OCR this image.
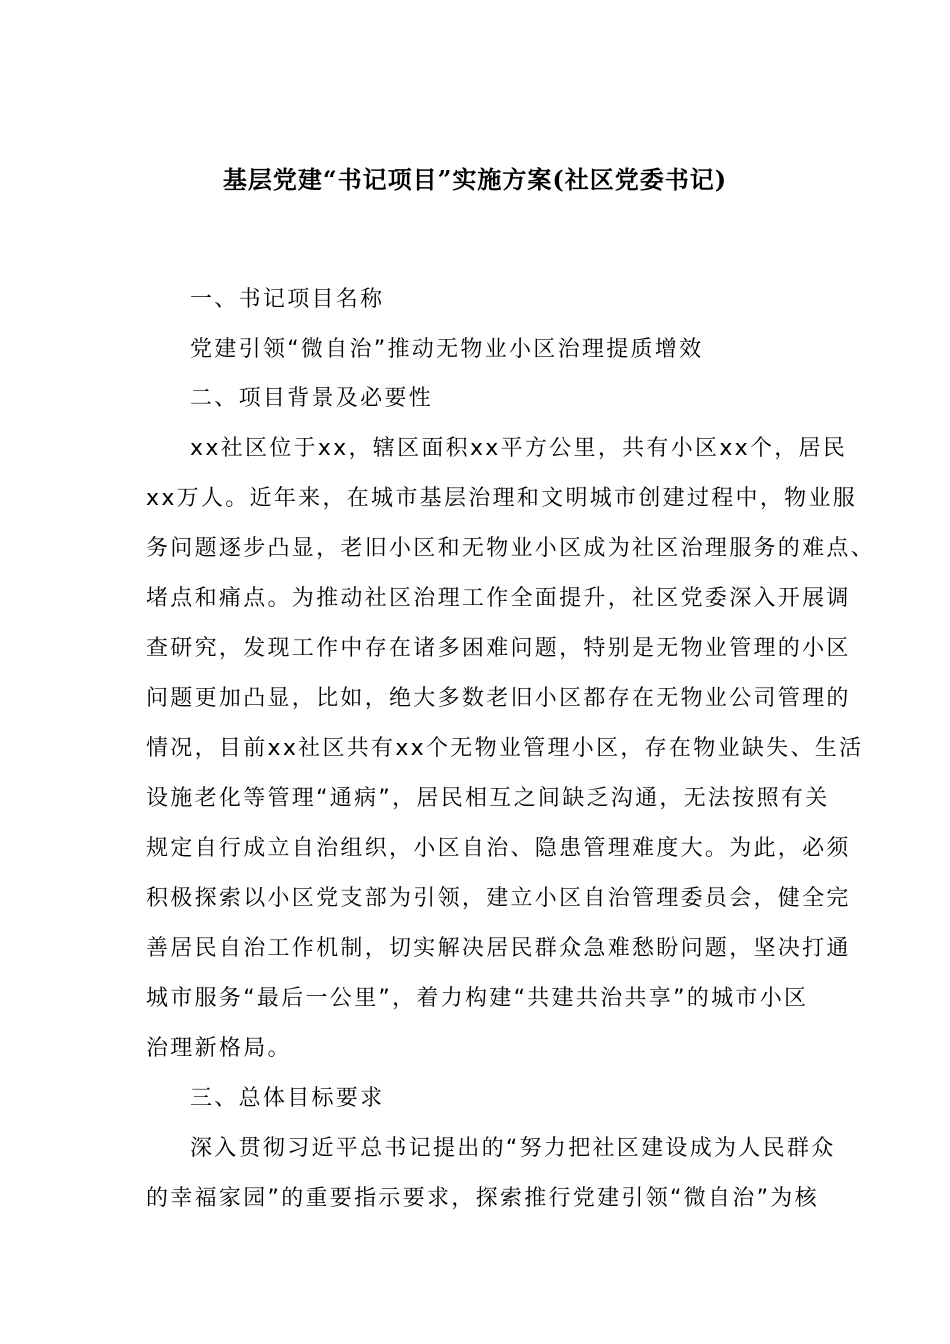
基层党建“书记项目”实施方案(社区党委书记)
一、书记项目名称
党建引领“微自治”推动无物业小区治理提质增效
二、项目背景及必要性
xx社区位于xx，辖区面积xx平方公里，共有小区xx个，居民
xx万人。近年来，在城市基层治理和文明城市创建过程中，物业服
务问题逐步凸显，老旧小区和无物业小区成为社区治理服务的难点、
堵点和痛点。为推动社区治理工作全面提升，社区党委深入开展调
查研究，发现工作中存在诸多困难问题，特别是无物业管理的小区
问题更加凸显，比如，绝大多数老旧小区都存在无物业公司管理的
情况，目前xx社区共有xx个无物业管理小区，存在物业缺失、生活
设施老化等管理“通病”，居民相互之间缺乏沟通，无法按照有关
规定自行成立自治组织，小区自治、隐患管理难度大。为此，必须
积极探索以小区党支部为引领，建立小区自治管理委员会，健全完
善居民自治工作机制，切实解决居民群众急难愁盼问题，坚决打通
城市服务“最后一公里”，着力构建“共建共治共享”的城市小区
治理新格局。
三、总体目标要求
深入贯彻习近平总书记提出的“努力把社区建设成为人民群众
的幸福家园”的重要指示要求，探索推行党建引领“微自治”为核
